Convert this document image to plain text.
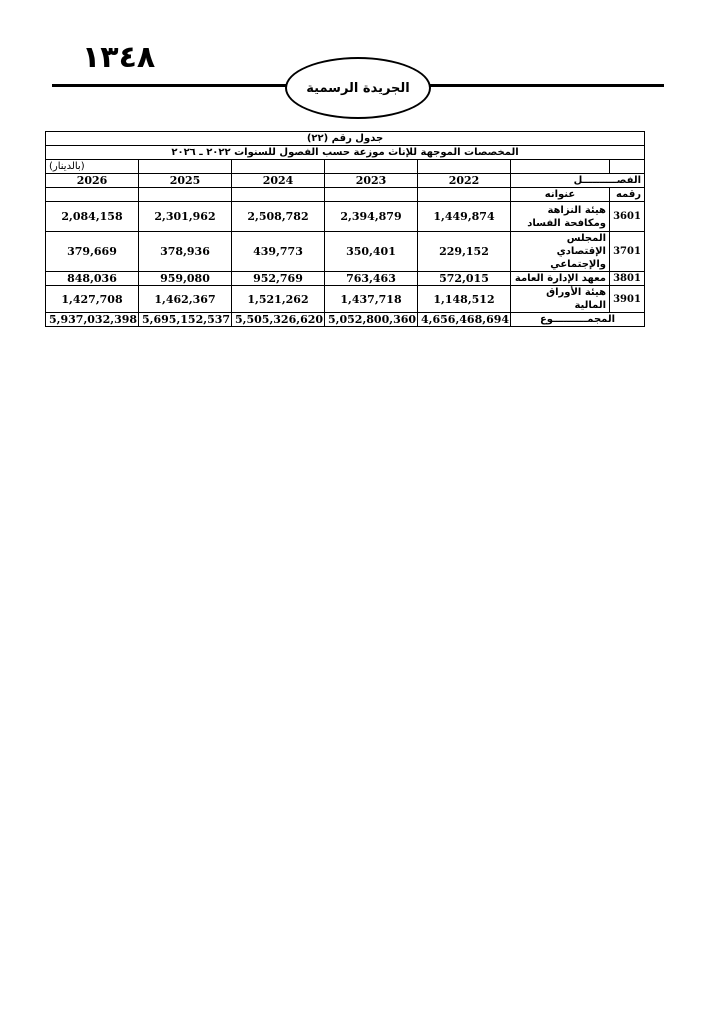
١٣٤٨
الجريدة الرسمية
جدول رقم (٢٢)						
المخصصات الموجهة للإناث موزعة حسب الفصول للسنوات ٢٠٢٢ ـ ٢٠٢٦						
(بالدينار)						
2026	2025	2024	2023	2022	الفصــــــــــل	
					عنوانه	رقمه
2,084,158	2,301,962	2,508,782	2,394,879	1,449,874	هيئة النزاهة ومكافحة الفساد	3601
379,669	378,936	439,773	350,401	229,152	المجلس الإقتصادي والإجتماعي	3701
848,036	959,080	952,769	763,463	572,015	معهد الإدارة العامة	3801
1,427,708	1,462,367	1,521,262	1,437,718	1,148,512	هيئة الأوراق المالية	3901
5,937,032,398	5,695,152,537	5,505,326,620	5,052,800,360	4,656,468,694	المجمــــــــــوع	
